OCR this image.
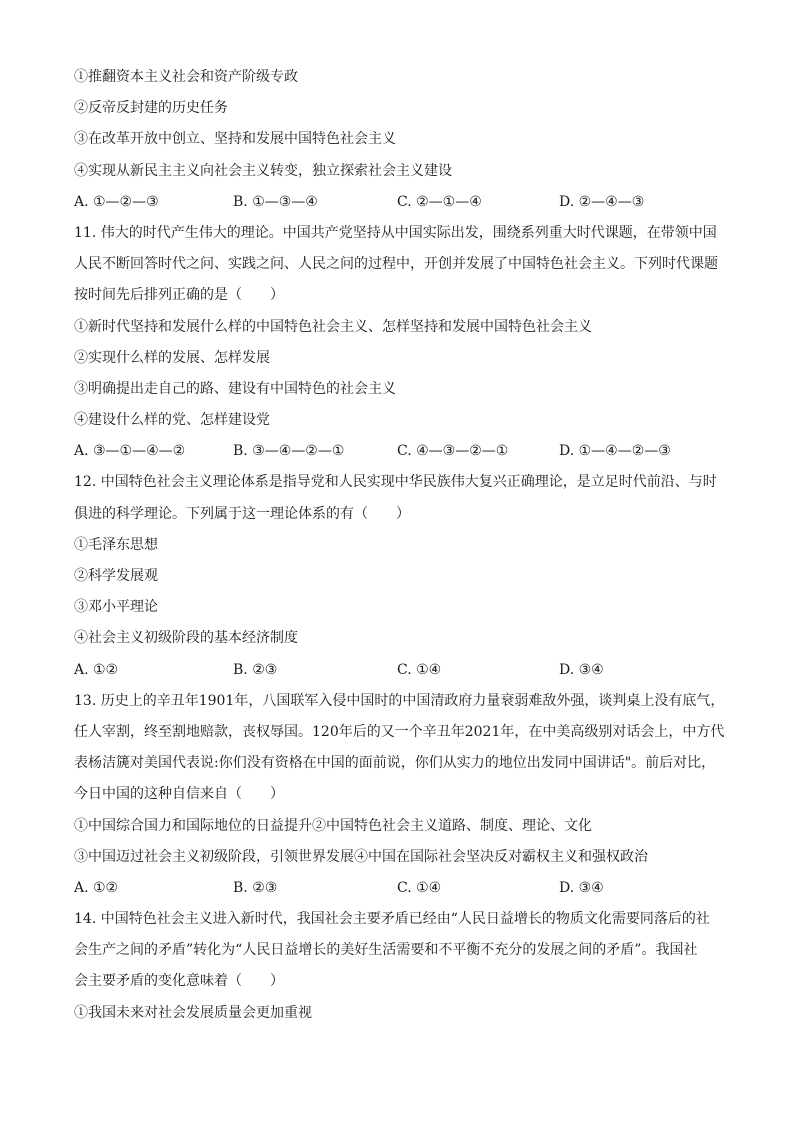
①推翻资本主义社会和资产阶级专政
②反帝反封建的历史任务
③在改革开放中创立、坚持和发展中国特色社会主义
④实现从新民主主义向社会主义转变，独立探索社会主义建设
A. ①—②—③	B. ①—③—④	C. ②—①—④	D. ②—④—③
11. 伟大的时代产生伟大的理论。中国共产党坚持从中国实际出发，围绕系列重大时代课题，在带领中国
人民不断回答时代之问、实践之问、人民之问的过程中，开创并发展了中国特色社会主义。下列时代课题
按时间先后排列正确的是（　　）
①新时代坚持和发展什么样的中国特色社会主义、怎样坚持和发展中国特色社会主义
②实现什么样的发展、怎样发展
③明确提出走自己的路、建设有中国特色的社会主义
④建设什么样的党、怎样建设党
A. ③—①—④—②	B. ③—④—②—①	C. ④—③—②—①	D. ①—④—②—③
12. 中国特色社会主义理论体系是指导党和人民实现中华民族伟大复兴正确理论，是立足时代前沿、与时
俱进的科学理论。下列属于这一理论体系的有（　　）
①毛泽东思想
②科学发展观
③邓小平理论
④社会主义初级阶段的基本经济制度
A. ①②	B. ②③	C. ①④	D. ③④
13. 历史上的辛丑年1901年，八国联军入侵中国时的中国清政府力量衰弱难敌外强，谈判桌上没有底气，
任人宰割，终至割地赔款，丧权辱国。120年后的又一个辛丑年2021年，在中美高级别对话会上，中方代
表杨洁篪对美国代表说:你们没有资格在中国的面前说，你们从实力的地位出发同中国讲话"。前后对比，
今日中国的这种自信来自（　　）
①中国综合国力和国际地位的日益提升②中国特色社会主义道路、制度、理论、文化
③中国迈过社会主义初级阶段，引领世界发展④中国在国际社会坚决反对霸权主义和强权政治
A. ①②	B. ②③	C. ①④	D. ③④
14. 中国特色社会主义进入新时代，我国社会主要矛盾已经由“人民日益增长的物质文化需要同落后的社
会生产之间的矛盾”转化为“人民日益增长的美好生活需要和不平衡不充分的发展之间的矛盾”。我国社
会主要矛盾的变化意味着（　　）
①我国未来对社会发展质量会更加重视
